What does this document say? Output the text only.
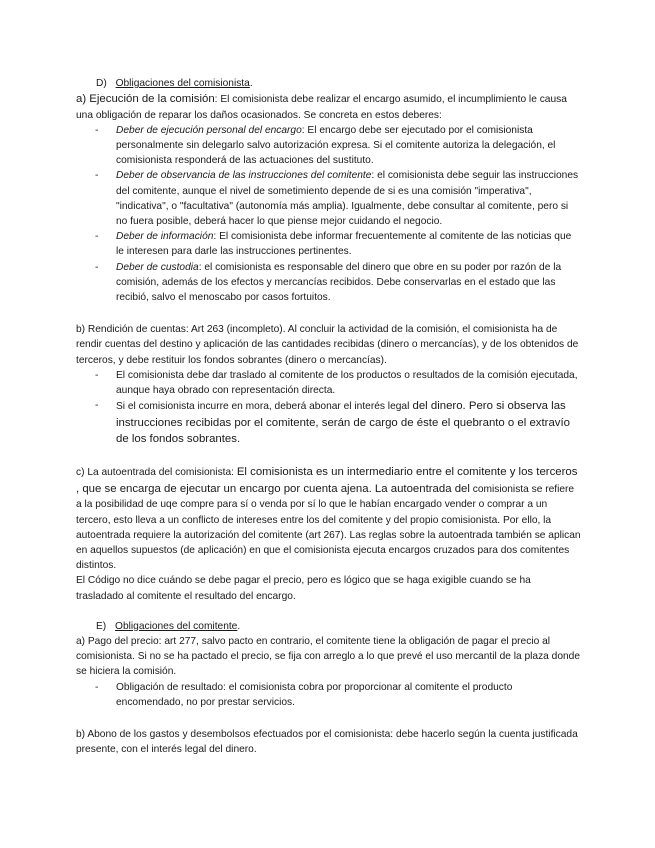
D) Obligaciones del comisionista.

a) Ejecución de la comisión: El comisionista debe realizar el encargo asumido, el incumplimiento le causa una obligación de reparar los daños ocasionados. Se concreta en estos deberes:

- Deber de ejecución personal del encargo: El encargo debe ser ejecutado por el comisionista personalmente sin delegarlo salvo autorización expresa. Si el comitente autoriza la delegación, el comisionista responderá de las actuaciones del sustituto.
- Deber de observancia de las instrucciones del comitente: el comisionista debe seguir las instrucciones del comitente, aunque el nivel de sometimiento depende de si es una comisión "imperativa", "indicativa", o "facultativa" (autonomía más amplia). Igualmente, debe consultar al comitente, pero si no fuera posible, deberá hacer lo que piense mejor cuidando el negocio.
- Deber de información: El comisionista debe informar frecuentemente al comitente de las noticias que le interesen para darle las instrucciones pertinentes.
- Deber de custodia: el comisionista es responsable del dinero que obre en su poder por razón de la comisión, además de los efectos y mercancías recibidos. Debe conservarlas en el estado que las recibió, salvo el menoscabo por casos fortuitos.

b) Rendición de cuentas: Art 263 (incompleto). Al concluir la actividad de la comisión, el comisionista ha de rendir cuentas del destino y aplicación de las cantidades recibidas (dinero o mercancías), y de los obtenidos de terceros, y debe restituir los fondos sobrantes (dinero o mercancías).

- El comisionista debe dar traslado al comitente de los productos o resultados de la comisión ejecutada, aunque haya obrado con representación directa.
- Si el comisionista incurre en mora, deberá abonar el interés legal del dinero. Pero si observa las instrucciones recibidas por el comitente, serán de cargo de éste el quebranto o el extravío de los fondos sobrantes.

c) La autoentrada del comisionista: El comisionista es un intermediario entre el comitente y los terceros , que se encarga de ejecutar un encargo por cuenta ajena. La autoentrada del comisionista se refiere a la posibilidad de uqe compre para sí o venda por sí lo que le habían encargado vender o comprar a un tercero, esto lleva a un conflicto de intereses entre los del comitente y del propio comisionista. Por ello, la autoentrada requiere la autorización del comitente (art 267). Las reglas sobre la autoentrada también se aplican en aquellos supuestos (de aplicación) en que el comisionista ejecuta encargos cruzados para dos comitentes distintos.

El Código no dice cuándo se debe pagar el precio, pero es lógico que se haga exigible cuando se ha trasladado al comitente el resultado del encargo.

E) Obligaciones del comitente.

a) Pago del precio: art 277, salvo pacto en contrario, el comitente tiene la obligación de pagar el precio al comisionista. Si no se ha pactado el precio, se fija con arreglo a lo que prevé el uso mercantil de la plaza donde se hiciera la comisión.

- Obligación de resultado: el comisionista cobra por proporcionar al comitente el producto encomendado, no por prestar servicios.

b) Abono de los gastos y desembolsos efectuados por el comisionista: debe hacerlo según la cuenta justificada presente, con el interés legal del dinero.
